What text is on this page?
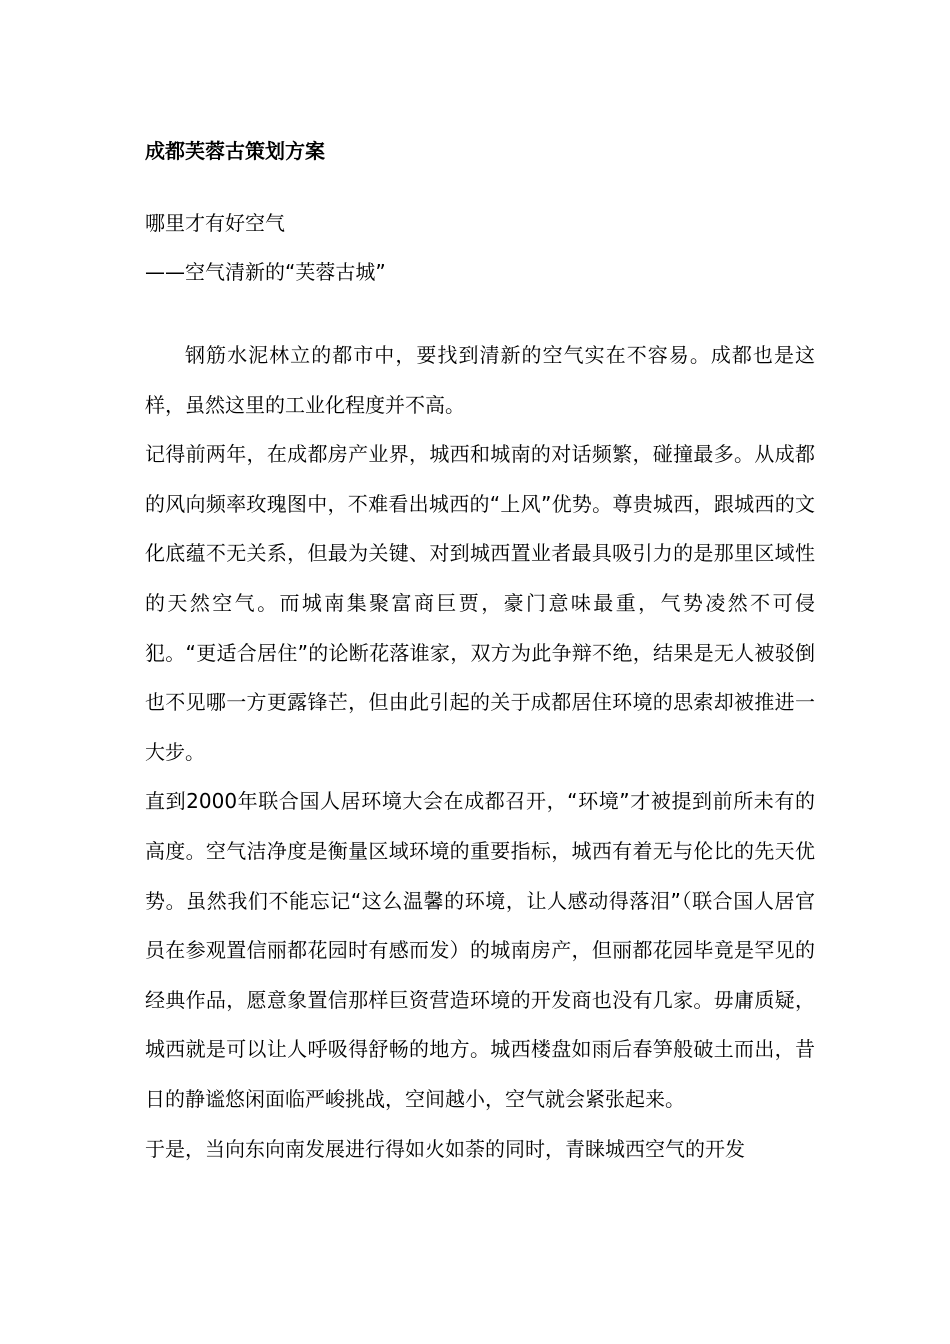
成都芙蓉古策划方案
哪里才有好空气
——空气清新的“芙蓉古城”

钢筋水泥林立的都市中，要找到清新的空气实在不容易。成都也是这样，虽然这里的工业化程度并不高。

记得前两年，在成都房产业界，城西和城南的对话频繁，碰撞最多。从成都的风向频率玫瑰图中，不难看出城西的“上风”优势。尊贵城西，跟城西的文化底蕴不无关系，但最为关键、对到城西置业者最具吸引力的是那里区域性的天然空气。而城南集聚富商巨贾，豪门意味最重，气势凌然不可侵犯。“更适合居住”的论断花落谁家，双方为此争辩不绝，结果是无人被驳倒也不见哪一方更露锋芒，但由此引起的关于成都居住环境的思索却被推进一大步。

直到2000年联合国人居环境大会在成都召开，“环境”才被提到前所未有的高度。空气洁净度是衡量区域环境的重要指标，城西有着无与伦比的先天优势。虽然我们不能忘记“这么温馨的环境，让人感动得落泪”（联合国人居官员在参观置信丽都花园时有感而发）的城南房产，但丽都花园毕竟是罕见的经典作品，愿意象置信那样巨资营造环境的开发商也没有几家。毋庸质疑，城西就是可以让人呼吸得舒畅的地方。城西楼盘如雨后春笋般破土而出，昔日的静谧悠闲面临严峻挑战，空间越小，空气就会紧张起来。

于是，当向东向南发展进行得如火如荼的同时，青睐城西空气的开发
